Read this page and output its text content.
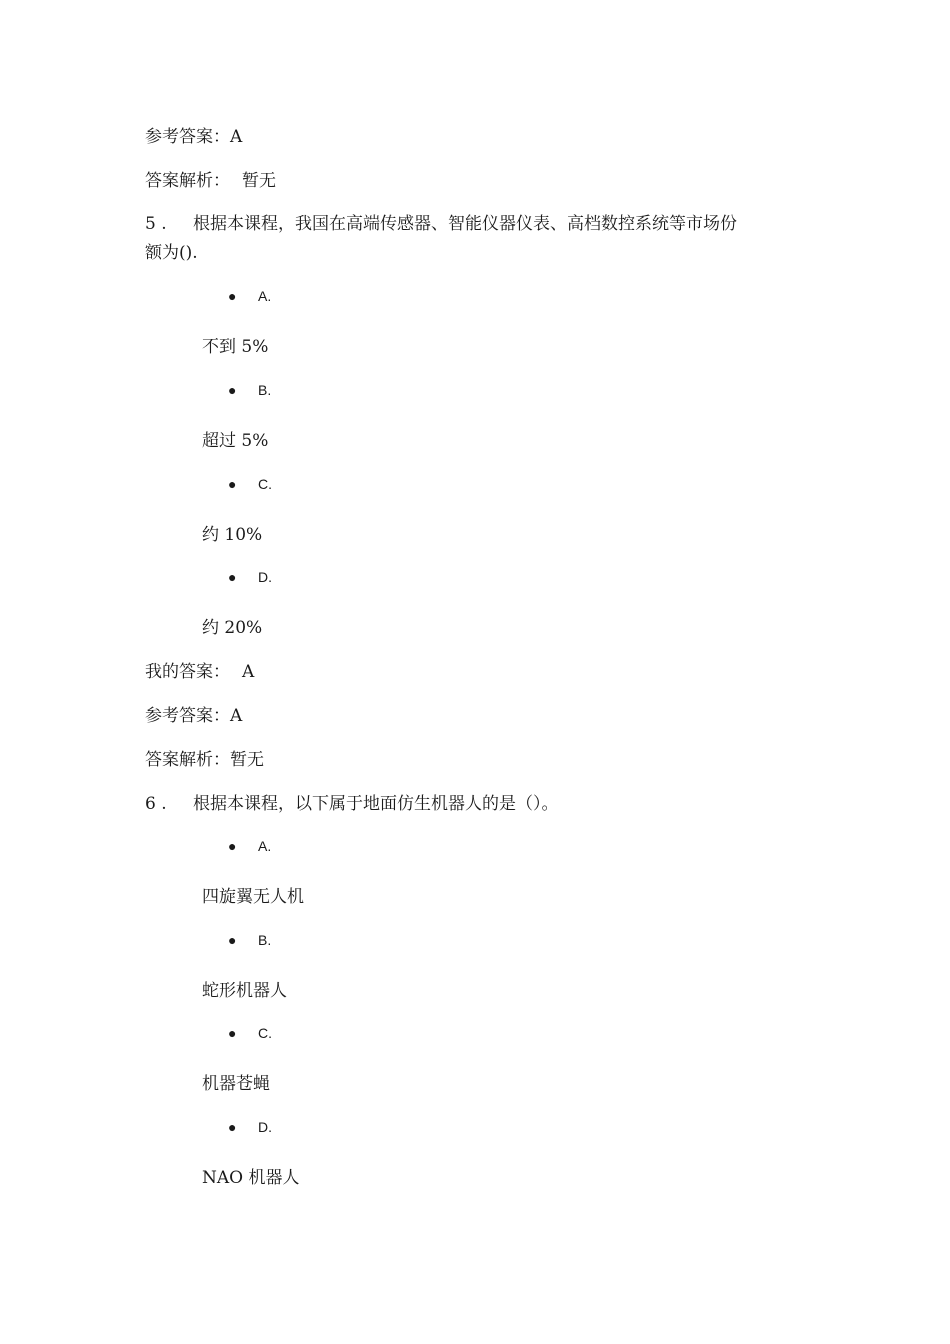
参考答案：A
答案解析： 暂无
5 . 根据本课程，我国在高端传感器、智能仪器仪表、高档数控系统等市场份
额为().
● A.
不到 5%
● B.
超过 5%
● C.
约 10%
● D.
约 20%
我的答案： A
参考答案：A
答案解析：暂无
6 . 根据本课程，以下属于地面仿生机器人的是（）。
● A.
四旋翼无人机
● B.
蛇形机器人
● C.
机器苍蝇
● D.
NAO 机器人
